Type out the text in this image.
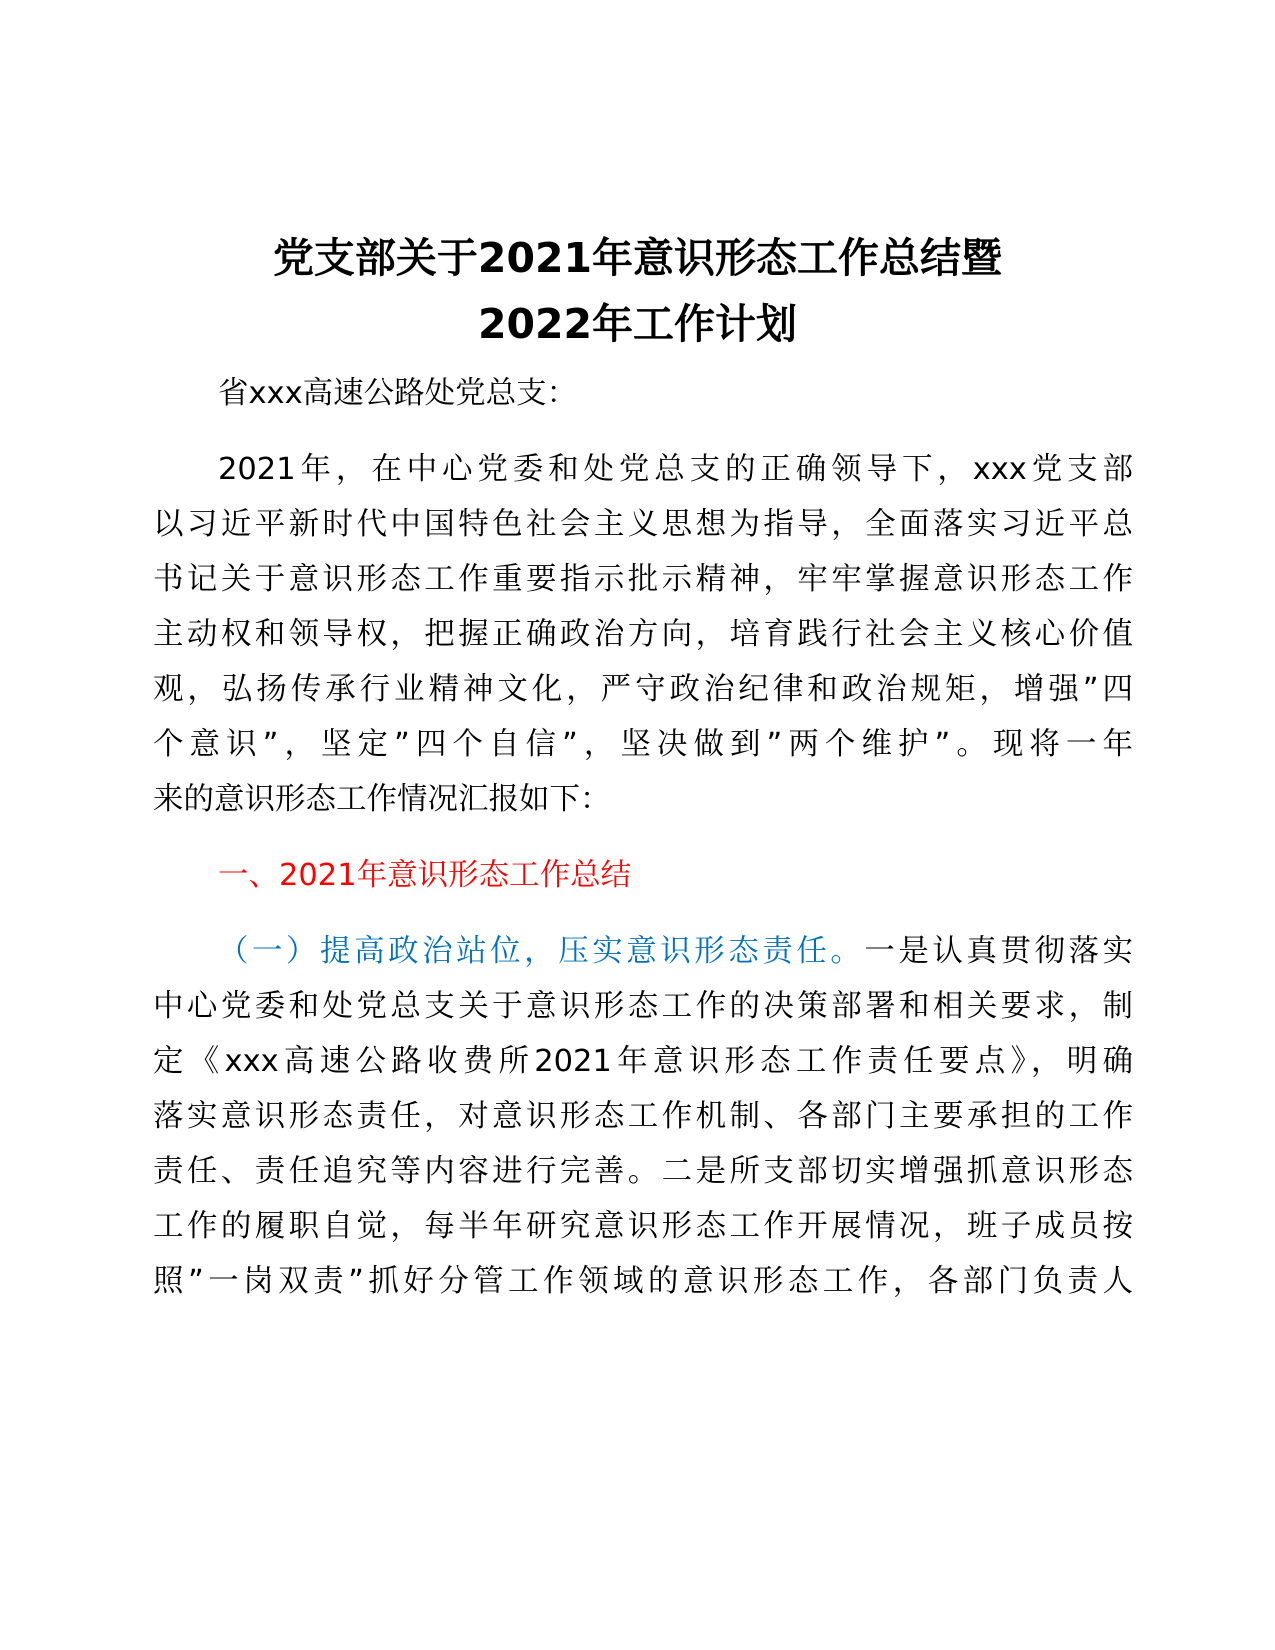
党支部关于2021年意识形态工作总结暨
2022年工作计划

省xxx高速公路处党总支：

2021年，在中心党委和处党总支的正确领导下，xxx党支部

以习近平新时代中国特色社会主义思想为指导，全面落实习近平总

书记关于意识形态工作重要指示批示精神，牢牢掌握意识形态工作

主动权和领导权，把握正确政治方向，培育践行社会主义核心价值

观，弘扬传承行业精神文化，严守政治纪律和政治规矩，增强”四

个意识”，坚定”四个自信”，坚决做到”两个维护”。现将一年

来的意识形态工作情况汇报如下：

一、2021年意识形态工作总结

（一）提高政治站位，压实意识形态责任。一是认真贯彻落实

中心党委和处党总支关于意识形态工作的决策部署和相关要求，制

定《xxx高速公路收费所2021年意识形态工作责任要点》，明确

落实意识形态责任，对意识形态工作机制、各部门主要承担的工作

责任、责任追究等内容进行完善。二是所支部切实增强抓意识形态

工作的履职自觉，每半年研究意识形态工作开展情况，班子成员按

照”一岗双责”抓好分管工作领域的意识形态工作，各部门负责人
